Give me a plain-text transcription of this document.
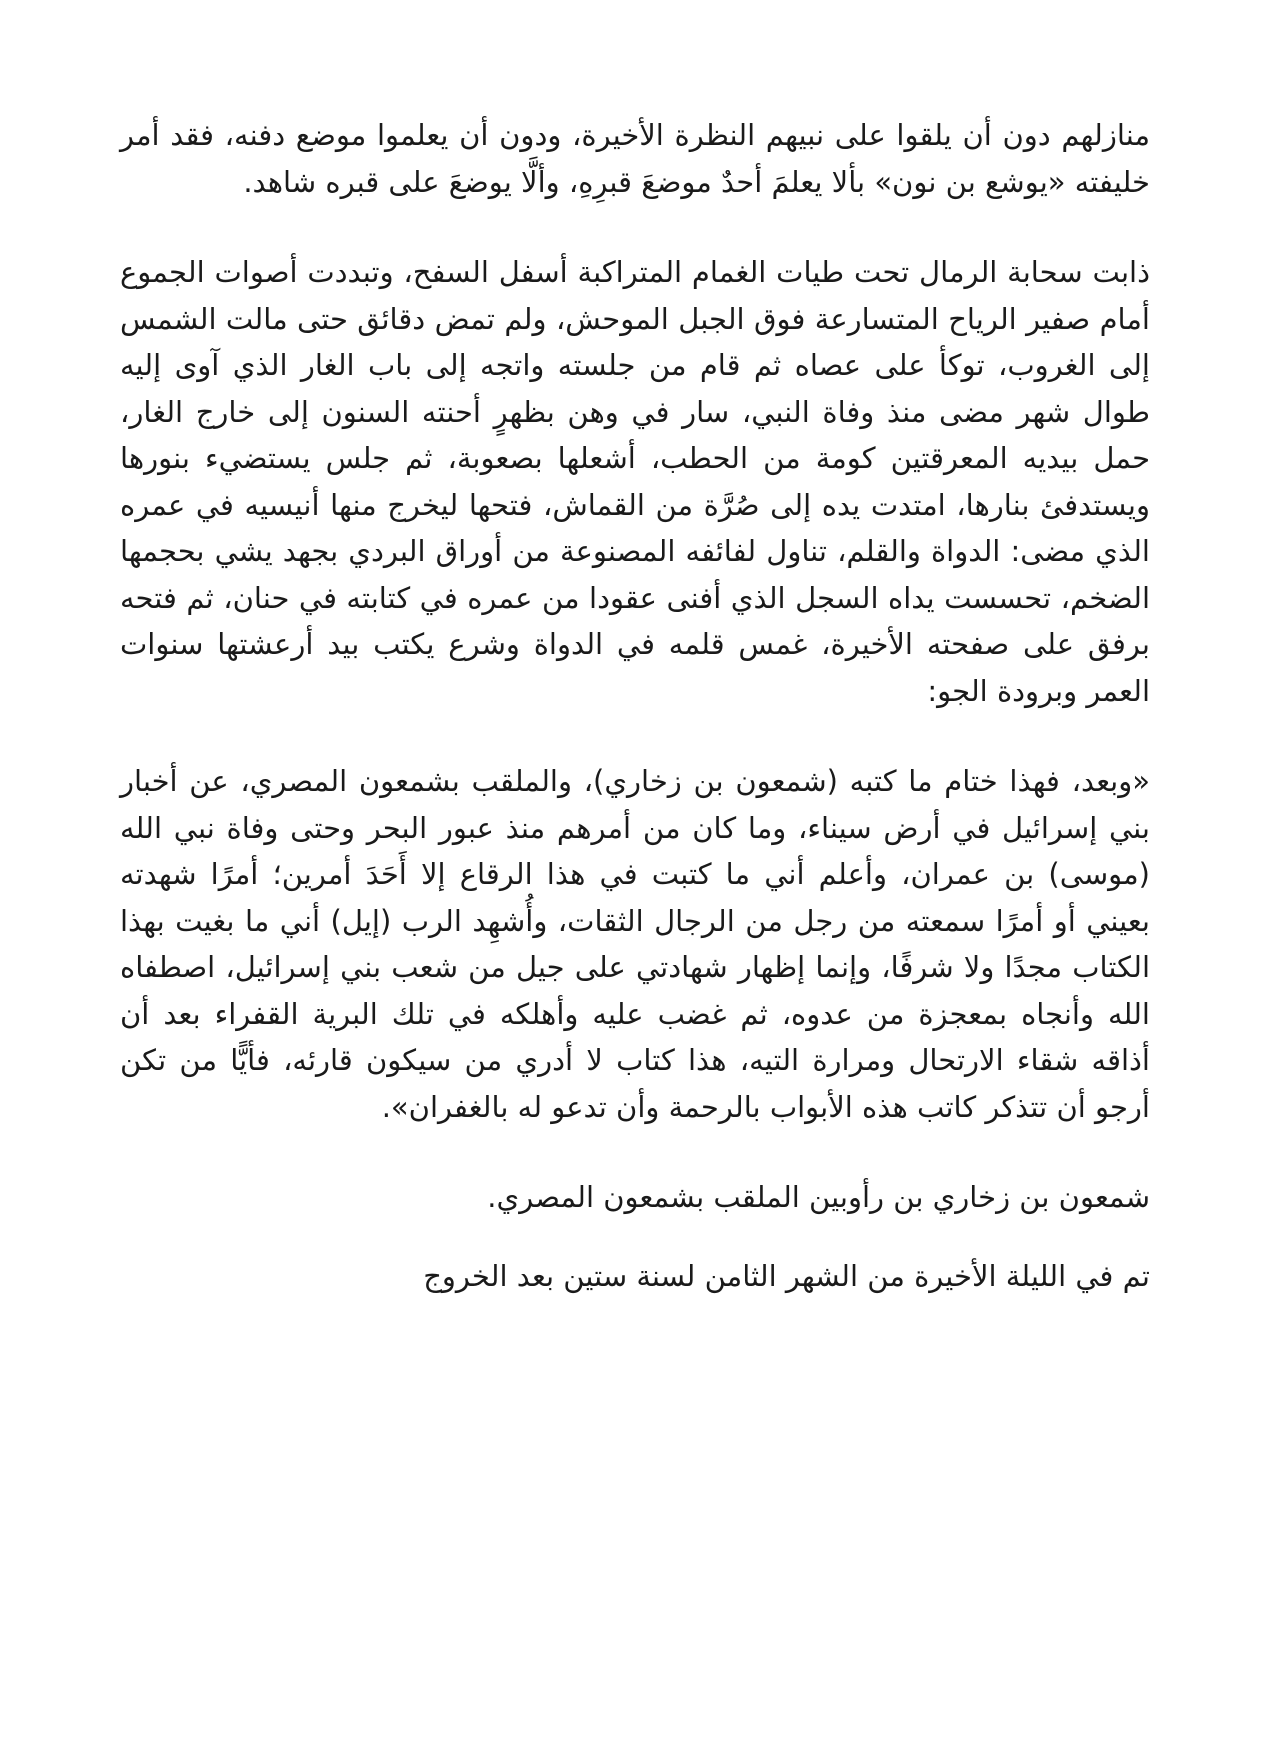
منازلهم دون أن يلقوا على نبيهم النظرة الأخيرة، ودون أن يعلموا موضع دفنه، فقد أمر خليفته «يوشع بن نون» بألا يعلمَ أحدٌ موضعَ قبرِهِ، وألَّا يوضعَ على قبره شاهد.

ذابت سحابة الرمال تحت طيات الغمام المتراكبة أسفل السفح، وتبددت أصوات الجموع أمام صفير الرياح المتسارعة فوق الجبل الموحش، ولم تمض دقائق حتى مالت الشمس إلى الغروب، توكأ على عصاه ثم قام من جلسته واتجه إلى باب الغار الذي آوى إليه طوال شهر مضى منذ وفاة النبي، سار في وهن بظهرٍ أحنته السنون إلى خارج الغار، حمل بيديه المعرقتين كومة من الحطب، أشعلها بصعوبة، ثم جلس يستضيء بنورها ويستدفئ بنارها، امتدت يده إلى صُرَّة من القماش، فتحها ليخرج منها أنيسيه في عمره الذي مضى: الدواة والقلم، تناول لفائفه المصنوعة من أوراق البردي بجهد يشي بحجمها الضخم، تحسست يداه السجل الذي أفنى عقودا من عمره في كتابته في حنان، ثم فتحه برفق على صفحته الأخيرة، غمس قلمه في الدواة وشرع يكتب بيد أرعشتها سنوات العمر وبرودة الجو:

«وبعد، فهذا ختام ما كتبه (شمعون بن زخاري)، والملقب بشمعون المصري، عن أخبار بني إسرائيل في أرض سيناء، وما كان من أمرهم منذ عبور البحر وحتى وفاة نبي الله (موسى) بن عمران، وأعلم أني ما كتبت في هذا الرقاع إلا أَحَدَ أمرين؛ أمرًا شهدته بعيني أو أمرًا سمعته من رجل من الرجال الثقات، وأُشهِد الرب (إيل) أني ما بغيت بهذا الكتاب مجدًا ولا شرفًا، وإنما إظهار شهادتي على جيل من شعب بني إسرائيل، اصطفاه الله وأنجاه بمعجزة من عدوه، ثم غضب عليه وأهلكه في تلك البرية القفراء بعد أن أذاقه شقاء الارتحال ومرارة التيه، هذا كتاب لا أدري من سيكون قارئه، فأيًّا من تكن أرجو أن تتذكر كاتب هذه الأبواب بالرحمة وأن تدعو له بالغفران».

شمعون بن زخاري بن رأوبين الملقب بشمعون المصري.

تم في الليلة الأخيرة من الشهر الثامن لسنة ستين بعد الخروج
